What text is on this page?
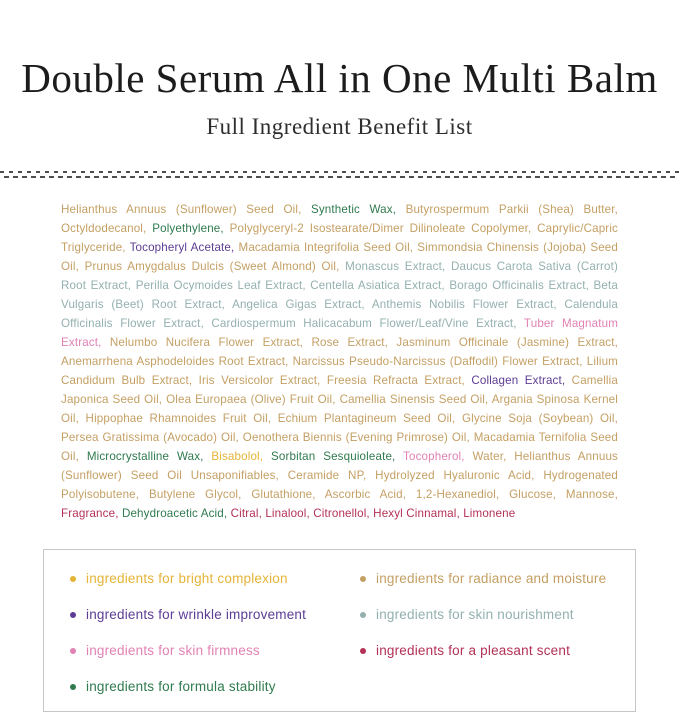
Double Serum All in One Multi Balm
Full Ingredient Benefit List

Helianthus Annuus (Sunflower) Seed Oil, Synthetic Wax, Butyrospermum Parkii (Shea) Butter, Octyldodecanol, Polyethylene, Polyglyceryl-2 Isostearate/Dimer Dilinoleate Copolymer, Caprylic/Capric Triglyceride, Tocopheryl Acetate, Macadamia Integrifolia Seed Oil, Simmondsia Chinensis (Jojoba) Seed Oil, Prunus Amygdalus Dulcis (Sweet Almond) Oil, Monascus Extract, Daucus Carota Sativa (Carrot) Root Extract, Perilla Ocymoides Leaf Extract, Centella Asiatica Extract, Borago Officinalis Extract, Beta Vulgaris (Beet) Root Extract, Angelica Gigas Extract, Anthemis Nobilis Flower Extract, Calendula Officinalis Flower Extract, Cardiospermum Halicacabum Flower/Leaf/Vine Extract, Tuber Magnatum Extract, Nelumbo Nucifera Flower Extract, Rose Extract, Jasminum Officinale (Jasmine) Extract, Anemarrhena Asphodeloides Root Extract, Narcissus Pseudo-Narcissus (Daffodil) Flower Extract, Lilium Candidum Bulb Extract, Iris Versicolor Extract, Freesia Refracta Extract, Collagen Extract, Camellia Japonica Seed Oil, Olea Europaea (Olive) Fruit Oil, Camellia Sinensis Seed Oil, Argania Spinosa Kernel Oil, Hippophae Rhamnoides Fruit Oil, Echium Plantagineum Seed Oil, Glycine Soja (Soybean) Oil, Persea Gratissima (Avocado) Oil, Oenothera Biennis (Evening Primrose) Oil, Macadamia Ternifolia Seed Oil, Microcrystalline Wax, Bisabolol, Sorbitan Sesquioleate, Tocopherol, Water, Helianthus Annuus (Sunflower) Seed Oil Unsaponifiables, Ceramide NP, Hydrolyzed Hyaluronic Acid, Hydrogenated Polyisobutene, Butylene Glycol, Glutathione, Ascorbic Acid, 1,2-Hexanediol, Glucose, Mannose, Fragrance, Dehydroacetic Acid, Citral, Linalool, Citronellol, Hexyl Cinnamal, Limonene

ingredients for bright complexion	ingredients for radiance and moisture
ingredients for wrinkle improvement	ingredients for skin nourishment
ingredients for skin firmness	ingredients for a pleasant scent
ingredients for formula stability
